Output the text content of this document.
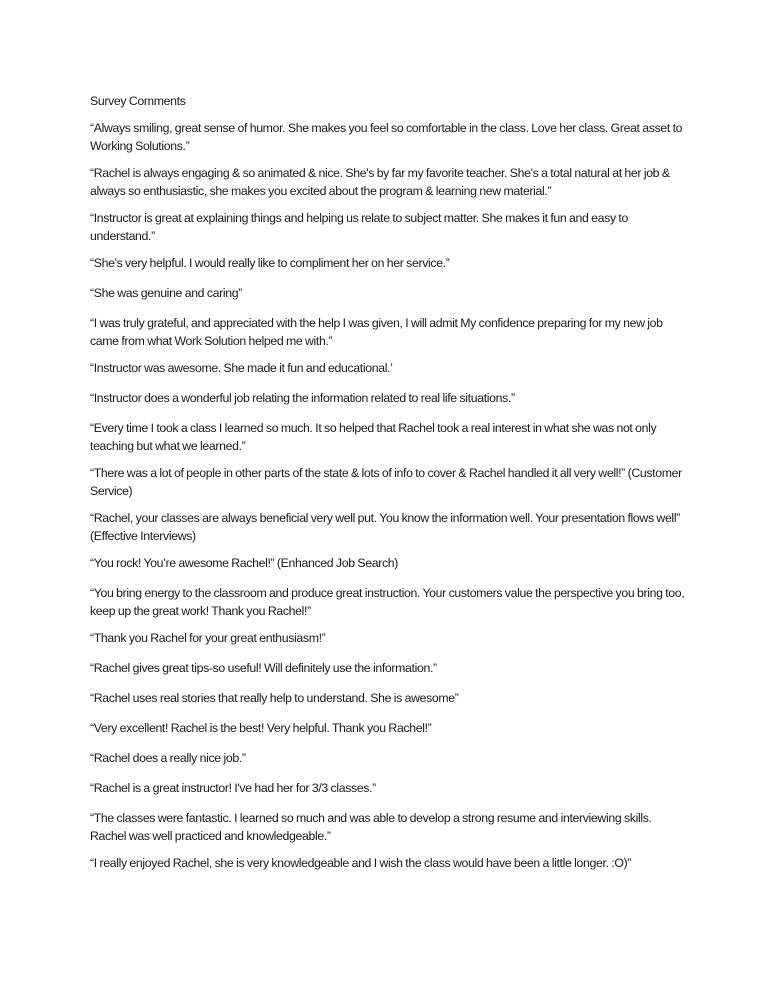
Survey Comments

“Always smiling, great sense of humor. She makes you feel so comfortable in the class. Love her class. Great asset to Working Solutions.”

“Rachel is always engaging & so animated & nice. She's by far my favorite teacher. She's a total natural at her job & always so enthusiastic, she makes you excited about the program & learning new material.”

“Instructor is great at explaining things and helping us relate to subject matter. She makes it fun and easy to understand.”

“She's very helpful. I would really like to compliment her on her service.”

“She was genuine and caring”

“I was truly grateful, and appreciated with the help I was given, I will admit My confidence preparing for my new job came from what Work Solution helped me with.”

“Instructor was awesome. She made it fun and educational.’

“Instructor does a wonderful job relating the information related to real life situations.”

“Every time I took a class I learned so much. It so helped that Rachel took a real interest in what she was not only teaching but what we learned.”

“There was a lot of people in other parts of the state & lots of info to cover & Rachel handled it all very well!” (Customer Service)

“Rachel, your classes are always beneficial very well put. You know the information well. Your presentation flows well” (Effective Interviews)

“You rock! You’re awesome Rachel!” (Enhanced Job Search)

“You bring energy to the classroom and produce great instruction. Your customers value the perspective you bring too, keep up the great work! Thank you Rachel!”

“Thank you Rachel for your great enthusiasm!”

“Rachel gives great tips-so useful! Will definitely use the information.”

“Rachel uses real stories that really help to understand. She is awesome”

“Very excellent! Rachel is the best! Very helpful. Thank you Rachel!”

“Rachel does a really nice job.”

“Rachel is a great instructor! I've had her for 3/3 classes.”

“The classes were fantastic. I learned so much and was able to develop a strong resume and interviewing skills. Rachel was well practiced and knowledgeable.”

“I really enjoyed Rachel, she is very knowledgeable and I wish the class would have been a little longer. :O)”
